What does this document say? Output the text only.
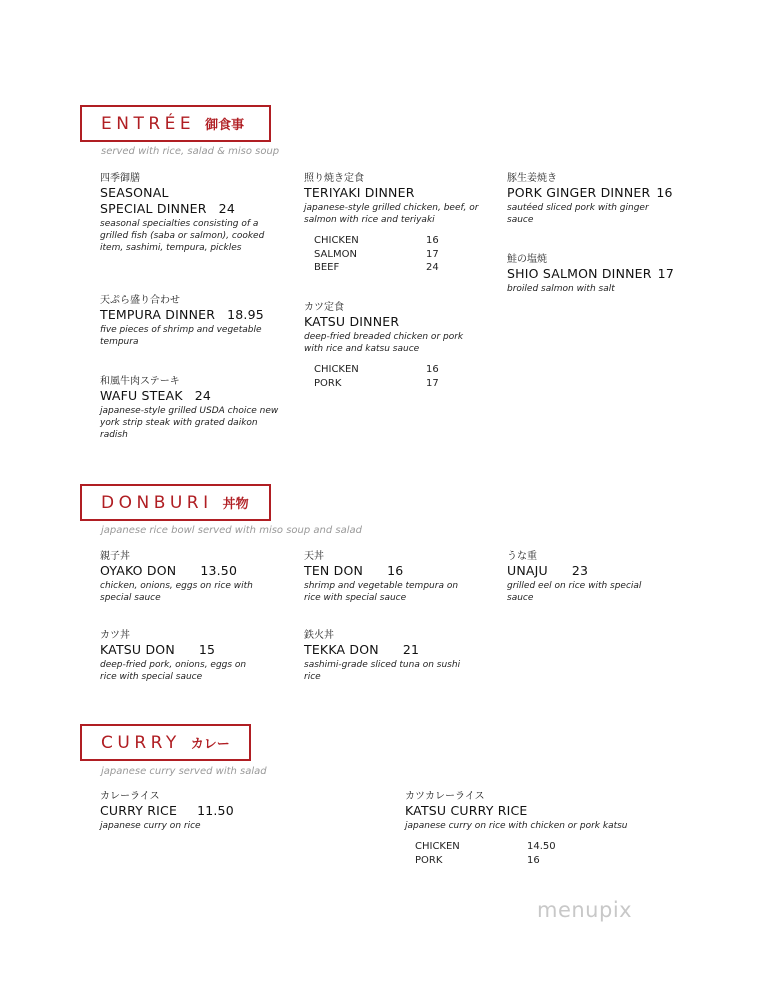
ENTRÉE 御食事
served with rice, salad & miso soup
四季御膳
SEASONAL
SPECIAL DINNER 24
seasonal specialties consisting of a grilled fish (saba or salmon), cooked item, sashimi, tempura, pickles
天ぷら盛り合わせ
TEMPURA DINNER 18.95
five pieces of shrimp and vegetable tempura
和風牛肉ステーキ
WAFU STEAK 24
japanese-style grilled USDA choice new york strip steak with grated daikon radish
照り焼き定食
TERIYAKI DINNER
japanese-style grilled chicken, beef, or salmon with rice and teriyaki
CHICKEN	16
SALMON	17
BEEF	24
カツ定食
KATSU DINNER
deep-fried breaded chicken or pork with rice and katsu sauce
CHICKEN	16
PORK	17
豚生姜焼き
PORK GINGER DINNER 16
sautéed sliced pork with ginger sauce
鮭の塩焼
SHIO SALMON DINNER 17
broiled salmon with salt
DONBURI 丼物
japanese rice bowl served with miso soup and salad
親子丼
OYAKO DON 13.50
chicken, onions, eggs on rice with special sauce
天丼
TEN DON 16
shrimp and vegetable tempura on rice with special sauce
うな重
UNAJU 23
grilled eel on rice with special sauce
カツ丼
KATSU DON 15
deep-fried pork, onions, eggs on rice with special sauce
鉄火丼
TEKKA DON 21
sashimi-grade sliced tuna on sushi rice
CURRY カレー
japanese curry served with salad
カレーライス
CURRY RICE 11.50
japanese curry on rice
カツカレーライス
KATSU CURRY RICE
japanese curry on rice with chicken or pork katsu
CHICKEN	14.50
PORK	16
menupix
